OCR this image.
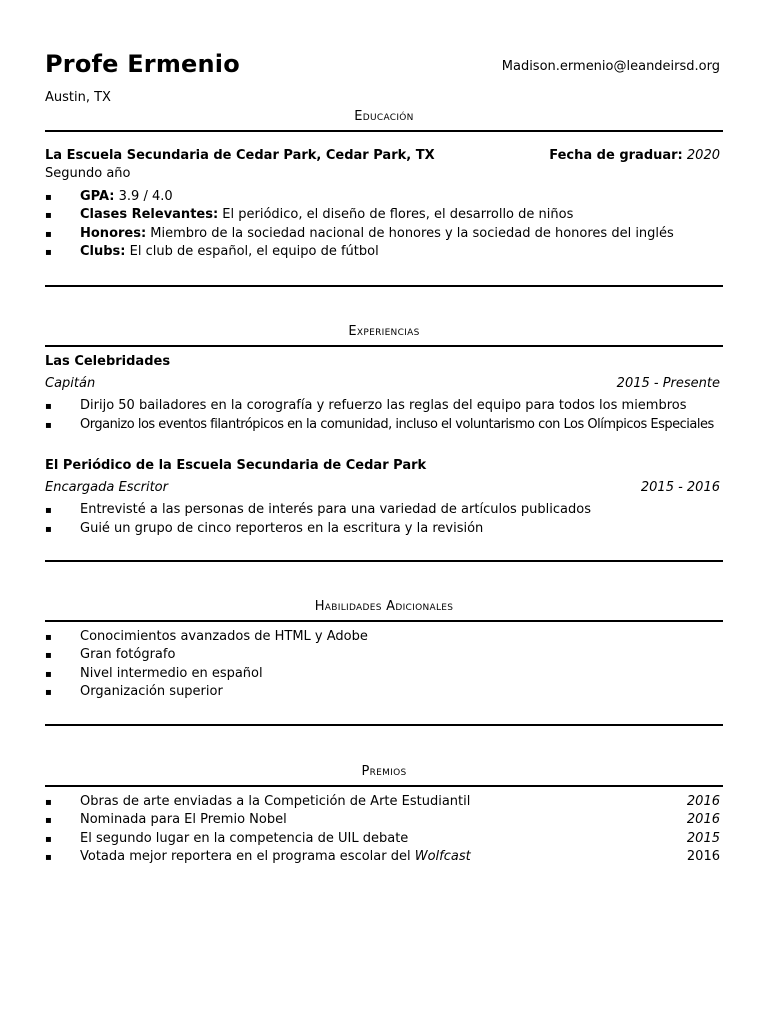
Profe Ermenio	Madison.ermenio@leandeirsd.org
Austin, TX
Educación
La Escuela Secundaria de Cedar Park, Cedar Park, TX	Fecha de graduar: 2020
Segundo año
▪ GPA: 3.9 / 4.0
▪ Clases Relevantes: El periódico, el diseño de flores, el desarrollo de niños
▪ Honores: Miembro de la sociedad nacional de honores y la sociedad de honores del inglés
▪ Clubs: El club de español, el equipo de fútbol
Experiencias
Las Celebridades
Capitán	2015 - Presente
▪ Dirijo 50 bailadores en la corografía y refuerzo las reglas del equipo para todos los miembros
▪ Organizo los eventos filantrópicos en la comunidad, incluso el voluntarismo con Los Olímpicos Especiales
El Periódico de la Escuela Secundaria de Cedar Park
Encargada Escritor	2015 - 2016
▪ Entrevisté a las personas de interés para una variedad de artículos publicados
▪ Guié un grupo de cinco reporteros en la escritura y la revisión
Habilidades Adicionales
▪ Conocimientos avanzados de HTML y Adobe
▪ Gran fotógrafo
▪ Nivel intermedio en español
▪ Organización superior
Premios
▪ Obras de arte enviadas a la Competición de Arte Estudiantil	2016
▪ Nominada para El Premio Nobel	2016
▪ El segundo lugar en la competencia de UIL debate	2015
▪ Votada mejor reportera en el programa escolar del Wolfcast	2016
